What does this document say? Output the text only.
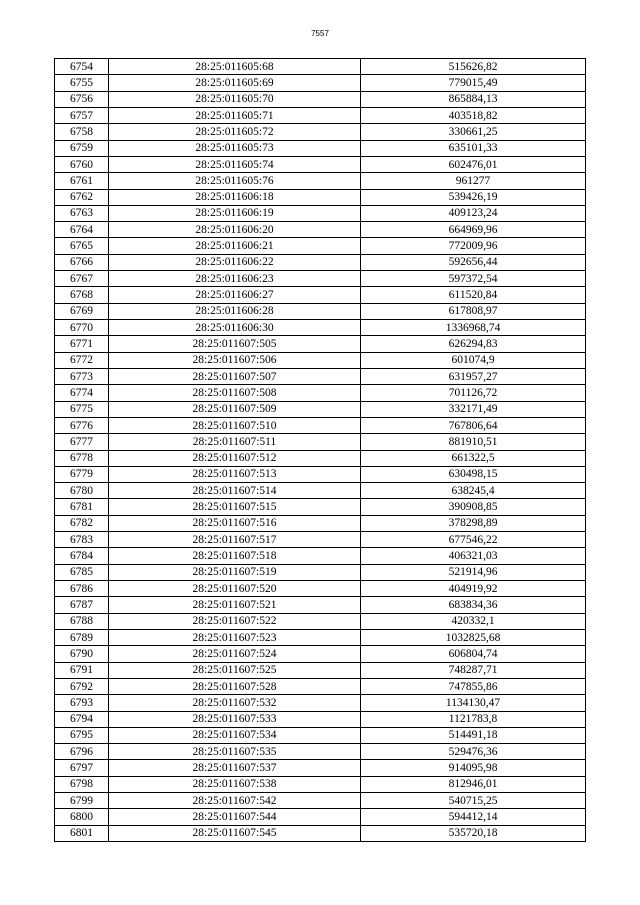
7557
6754	28:25:011605:68	515626,82
6755	28:25:011605:69	779015,49
6756	28:25:011605:70	865884,13
6757	28:25:011605:71	403518,82
6758	28:25:011605:72	330661,25
6759	28:25:011605:73	635101,33
6760	28:25:011605:74	602476,01
6761	28:25:011605:76	961277
6762	28:25:011606:18	539426,19
6763	28:25:011606:19	409123,24
6764	28:25:011606:20	664969,96
6765	28:25:011606:21	772009,96
6766	28:25:011606:22	592656,44
6767	28:25:011606:23	597372,54
6768	28:25:011606:27	611520,84
6769	28:25:011606:28	617808,97
6770	28:25:011606:30	1336968,74
6771	28:25:011607:505	626294,83
6772	28:25:011607:506	601074,9
6773	28:25:011607:507	631957,27
6774	28:25:011607:508	701126,72
6775	28:25:011607:509	332171,49
6776	28:25:011607:510	767806,64
6777	28:25:011607:511	881910,51
6778	28:25:011607:512	661322,5
6779	28:25:011607:513	630498,15
6780	28:25:011607:514	638245,4
6781	28:25:011607:515	390908,85
6782	28:25:011607:516	378298,89
6783	28:25:011607:517	677546,22
6784	28:25:011607:518	406321,03
6785	28:25:011607:519	521914,96
6786	28:25:011607:520	404919,92
6787	28:25:011607:521	683834,36
6788	28:25:011607:522	420332,1
6789	28:25:011607:523	1032825,68
6790	28:25:011607:524	606804,74
6791	28:25:011607:525	748287,71
6792	28:25:011607:528	747855,86
6793	28:25:011607:532	1134130,47
6794	28:25:011607:533	1121783,8
6795	28:25:011607:534	514491,18
6796	28:25:011607:535	529476,36
6797	28:25:011607:537	914095,98
6798	28:25:011607:538	812946,01
6799	28:25:011607:542	540715,25
6800	28:25:011607:544	594412,14
6801	28:25:011607:545	535720,18
